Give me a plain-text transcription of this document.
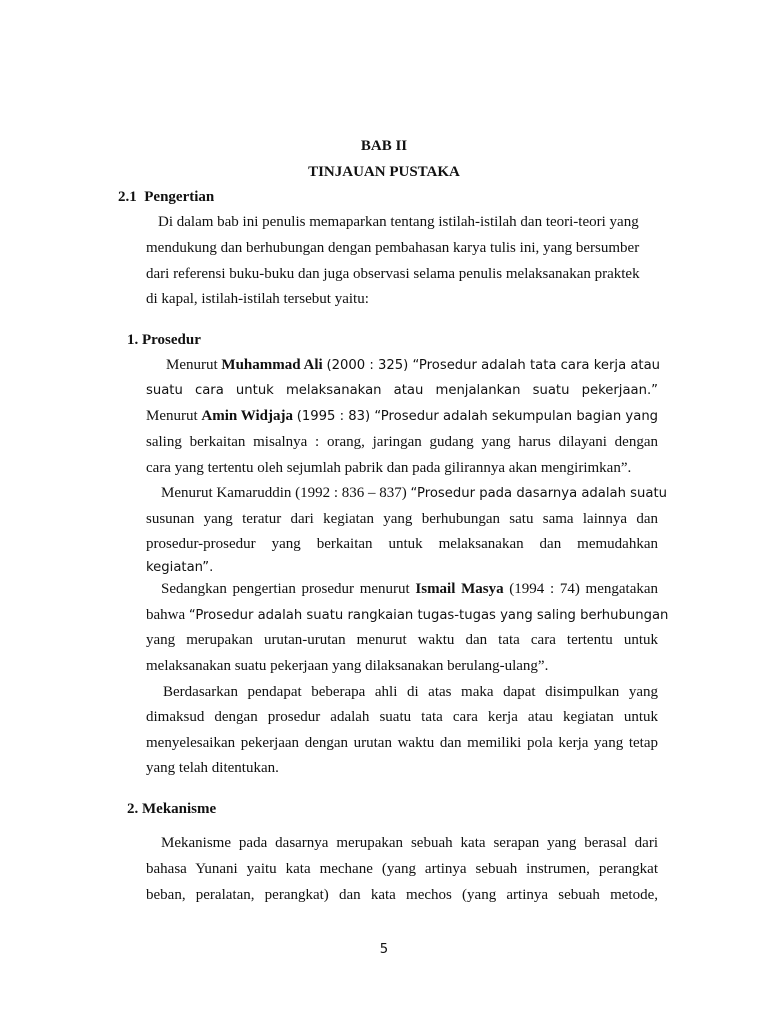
BAB II
TINJAUAN PUSTAKA
2.1 Pengertian
Di dalam bab ini penulis memaparkan tentang istilah-istilah dan teori-teori yang
mendukung dan berhubungan dengan pembahasan karya tulis ini, yang bersumber
dari referensi buku-buku dan juga observasi selama penulis melaksanakan praktek
di kapal, istilah-istilah tersebut yaitu:
1. Prosedur
Menurut Muhammad Ali (2000 : 325) “Prosedur adalah tata cara kerja atau
suatu cara untuk melaksanakan atau menjalankan suatu pekerjaan.”
Menurut Amin Widjaja (1995 : 83) “Prosedur adalah sekumpulan bagian yang
saling berkaitan misalnya : orang, jaringan gudang yang harus dilayani dengan
cara yang tertentu oleh sejumlah pabrik dan pada gilirannya akan mengirimkan”.
Menurut Kamaruddin (1992 : 836 – 837) “Prosedur pada dasarnya adalah suatu
susunan yang teratur dari kegiatan yang berhubungan satu sama lainnya dan
prosedur-prosedur yang berkaitan untuk melaksanakan dan memudahkan
kegiatan”.
Sedangkan pengertian prosedur menurut Ismail Masya (1994 : 74) mengatakan
bahwa “Prosedur adalah suatu rangkaian tugas-tugas yang saling berhubungan
yang merupakan urutan-urutan menurut waktu dan tata cara tertentu untuk
melaksanakan suatu pekerjaan yang dilaksanakan berulang-ulang”.
Berdasarkan pendapat beberapa ahli di atas maka dapat disimpulkan yang
dimaksud dengan prosedur adalah suatu tata cara kerja atau kegiatan untuk
menyelesaikan pekerjaan dengan urutan waktu dan memiliki pola kerja yang tetap
yang telah ditentukan.
2. Mekanisme
Mekanisme pada dasarnya merupakan sebuah kata serapan yang berasal dari
bahasa Yunani yaitu kata mechane (yang artinya sebuah instrumen, perangkat
beban, peralatan, perangkat) dan kata mechos (yang artinya sebuah metode,
5
